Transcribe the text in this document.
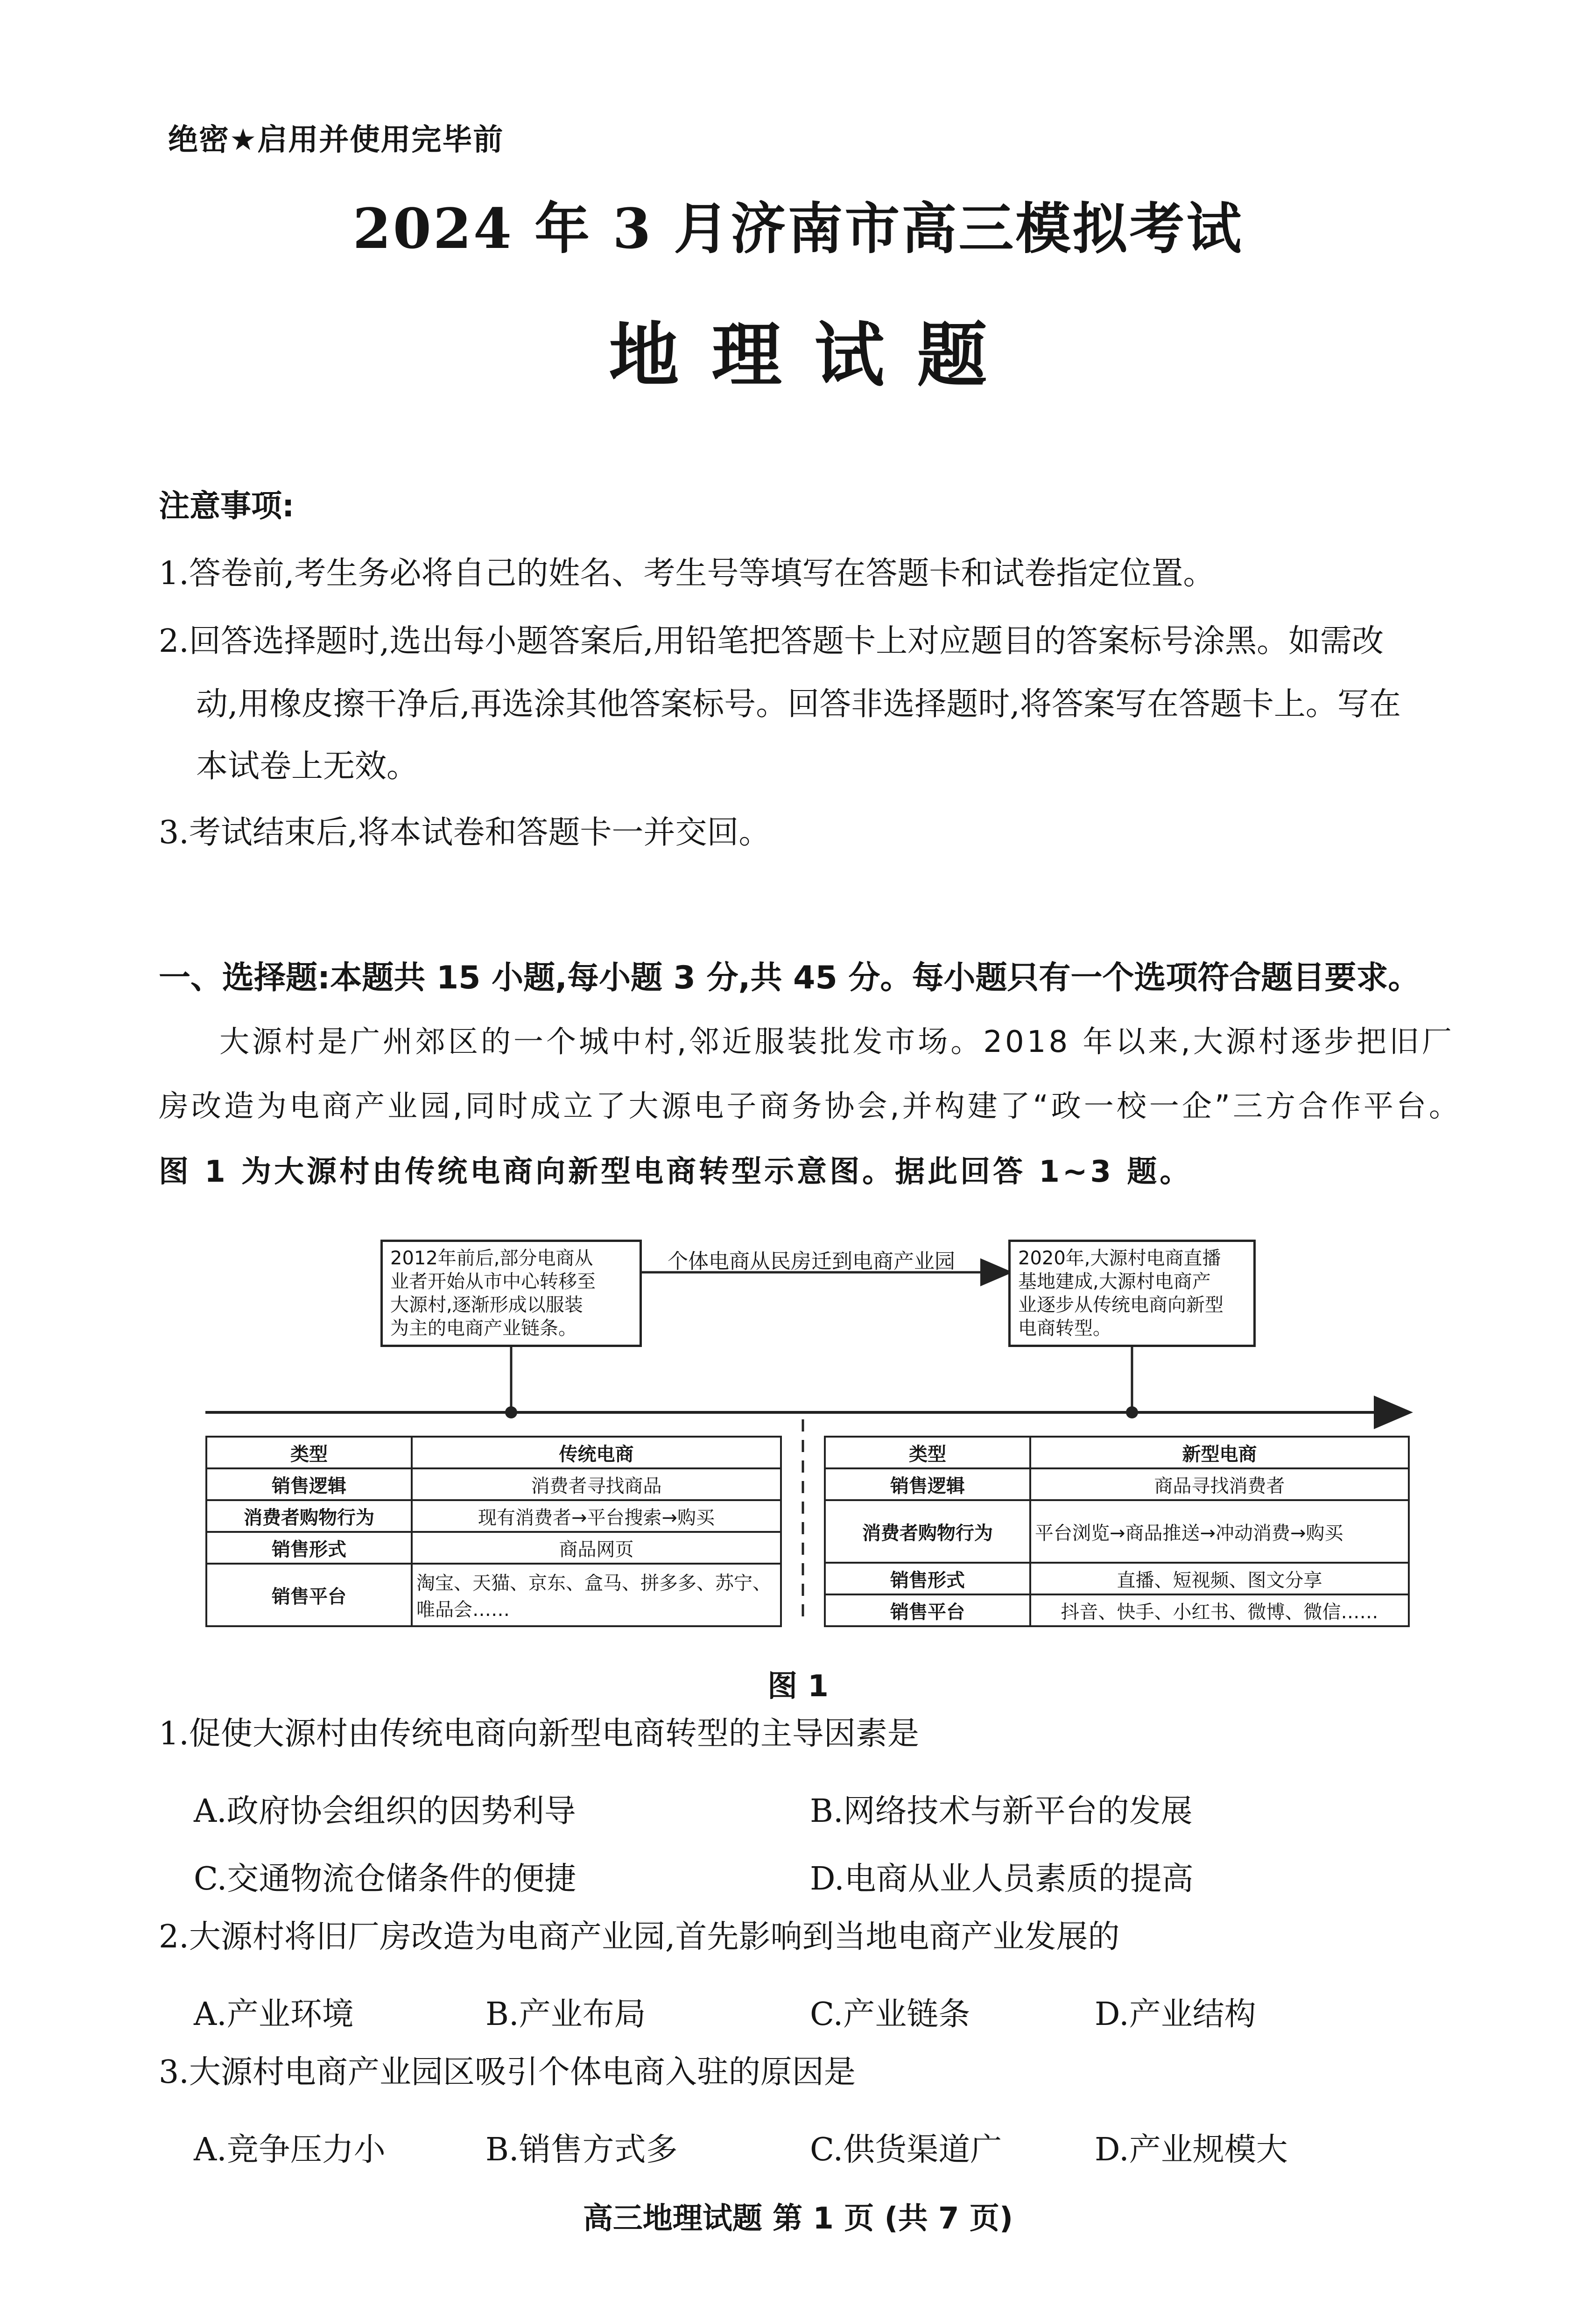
绝密★启用并使用完毕前
2024 年 3 月济南市高三模拟考试
地理试题
注意事项:
1.答卷前,考生务必将自己的姓名、考生号等填写在答题卡和试卷指定位置。
2.回答选择题时,选出每小题答案后,用铅笔把答题卡上对应题目的答案标号涂黑。如需改
动,用橡皮擦干净后,再选涂其他答案标号。回答非选择题时,将答案写在答题卡上。写在
本试卷上无效。
3.考试结束后,将本试卷和答题卡一并交回。
一、选择题:本题共 15 小题,每小题 3 分,共 45 分。每小题只有一个选项符合题目要求。
大源村是广州郊区的一个城中村,邻近服装批发市场。2018 年以来,大源村逐步把旧厂
房改造为电商产业园,同时成立了大源电子商务协会,并构建了“政一校一企”三方合作平台。
图 1 为大源村由传统电商向新型电商转型示意图。据此回答 1~3 题。
2012年前后,部分电商从
业者开始从市中心转移至
大源村,逐渐形成以服装
为主的电商产业链条。
个体电商从民房迁到电商产业园	2020年,大源村电商直播
基地建成,大源村电商产
业逐步从传统电商向新型
电商转型。
类型	传统电商
销售逻辑	消费者寻找商品
消费者购物行为	现有消费者→平台搜索→购买
销售形式	商品网页
销售平台	淘宝、天猫、京东、盒马、拼多多、苏宁、唯品会……
类型	新型电商
销售逻辑	商品寻找消费者
消费者购物行为	平台浏览→商品推送→冲动消费→购买
销售形式	直播、短视频、图文分享
销售平台	抖音、快手、小红书、微博、微信……
图 1
1.促使大源村由传统电商向新型电商转型的主导因素是
A.政府协会组织的因势利导	B.网络技术与新平台的发展
C.交通物流仓储条件的便捷	D.电商从业人员素质的提高
2.大源村将旧厂房改造为电商产业园,首先影响到当地电商产业发展的
A.产业环境	B.产业布局	C.产业链条	D.产业结构
3.大源村电商产业园区吸引个体电商入驻的原因是
A.竞争压力小	B.销售方式多	C.供货渠道广	D.产业规模大
高三地理试题 第 1 页 (共 7 页)
